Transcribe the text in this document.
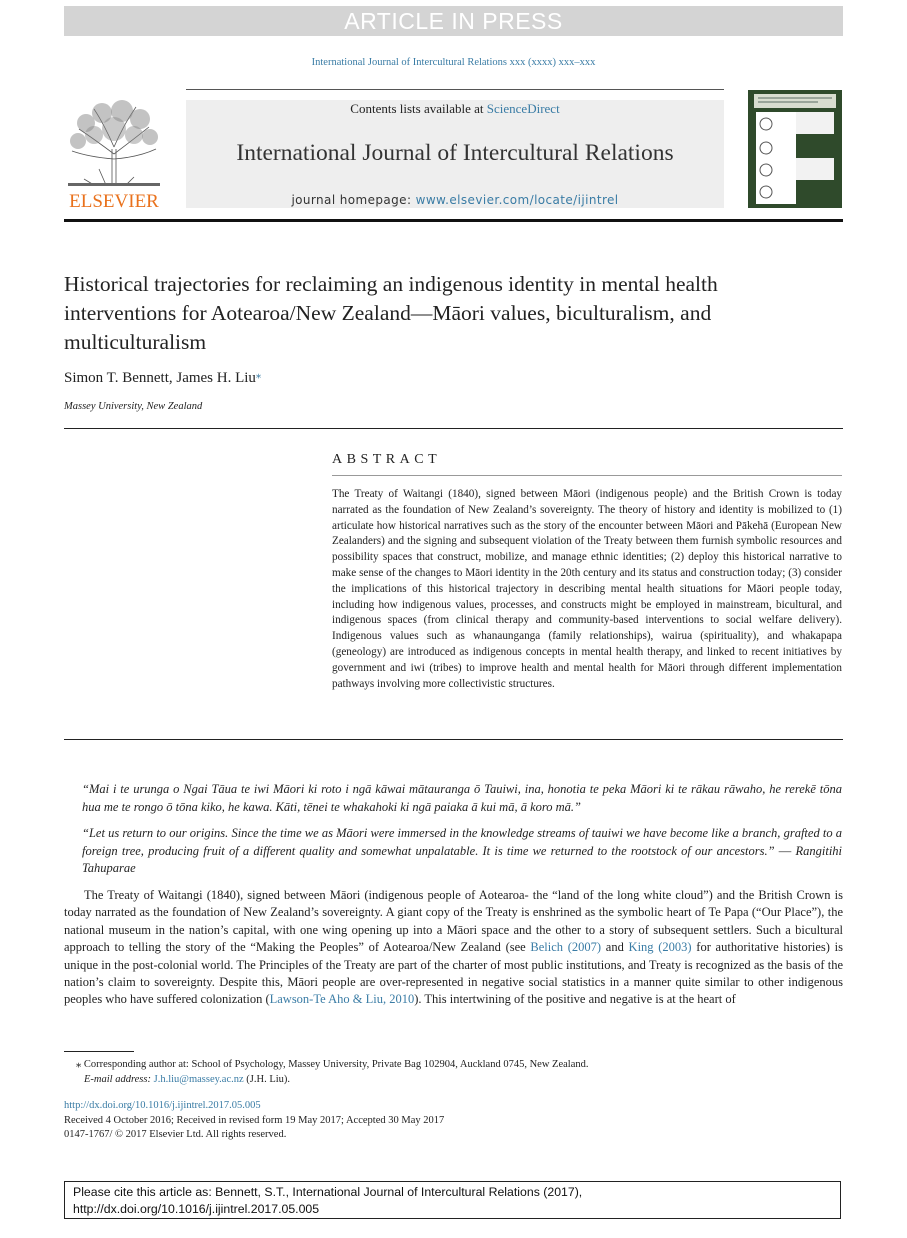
ARTICLE IN PRESS
International Journal of Intercultural Relations xxx (xxxx) xxx–xxx
ELSEVIER
Contents lists available at ScienceDirect
International Journal of Intercultural Relations
journal homepage: www.elsevier.com/locate/ijintrel
Historical trajectories for reclaiming an indigenous identity in mental health interventions for Aotearoa/New Zealand—Māori values, biculturalism, and multiculturalism
Simon T. Bennett, James H. Liu⁎
Massey University, New Zealand
ABSTRACT
The Treaty of Waitangi (1840), signed between Māori (indigenous people) and the British Crown is today narrated as the foundation of New Zealand’s sovereignty. The theory of history and identity is mobilized to (1) articulate how historical narratives such as the story of the encounter between Māori and Pākehā (European New Zealanders) and the signing and subsequent violation of the Treaty between them furnish symbolic resources and possibility spaces that construct, mobilize, and manage ethnic identities; (2) deploy this historical narrative to make sense of the changes to Māori identity in the 20th century and its status and construction today; (3) consider the implications of this historical trajectory in describing mental health situations for Māori people today, including how indigenous values, processes, and constructs might be employed in mainstream, bicultural, and indigenous spaces (from clinical therapy and community-based interventions to social welfare delivery). Indigenous values such as whanaunganga (family relationships), wairua (spirituality), and whakapapa (geneology) are introduced as indigenous concepts in mental health therapy, and linked to recent initiatives by government and iwi (tribes) to improve health and mental health for Māori through different implementation pathways involving more collectivistic structures.
“Mai i te urunga o Ngai Tāua te iwi Māori ki roto i ngā kāwai mātauranga ō Tauiwi, ina, honotia te peka Māori ki te rākau rāwaho, he rerekē tōna hua me te rongo ō tōna kiko, he kawa. Kāti, tēnei te whakahoki ki ngā paiaka ā kui mā, ā koro mā.”
“Let us return to our origins. Since the time we as Māori were immersed in the knowledge streams of tauiwi we have become like a branch, grafted to a foreign tree, producing fruit of a different quality and somewhat unpalatable. It is time we returned to the rootstock of our ancestors.” — Rangitihi Tahuparae
The Treaty of Waitangi (1840), signed between Māori (indigenous people of Aotearoa- the “land of the long white cloud”) and the British Crown is today narrated as the foundation of New Zealand’s sovereignty. A giant copy of the Treaty is enshrined as the symbolic heart of Te Papa (“Our Place”), the national museum in the nation’s capital, with one wing opening up into a Māori space and the other to a story of subsequent settlers. Such a bicultural approach to telling the story of the “Making the Peoples” of Aotearoa/New Zealand (see Belich (2007) and King (2003) for authoritative histories) is unique in the post-colonial world. The Principles of the Treaty are part of the charter of most public institutions, and Treaty is recognized as the basis of the nation’s claim to sovereignty. Despite this, Māori people are over-represented in negative social statistics in a manner quite similar to other indigenous peoples who have suffered colonization (Lawson-Te Aho & Liu, 2010). This intertwining of the positive and negative is at the heart of
⁎ Corresponding author at: School of Psychology, Massey University, Private Bag 102904, Auckland 0745, New Zealand.
E-mail address: J.h.liu@massey.ac.nz (J.H. Liu).
http://dx.doi.org/10.1016/j.ijintrel.2017.05.005
Received 4 October 2016; Received in revised form 19 May 2017; Accepted 30 May 2017
0147-1767/ © 2017 Elsevier Ltd. All rights reserved.
Please cite this article as: Bennett, S.T., International Journal of Intercultural Relations (2017),
http://dx.doi.org/10.1016/j.ijintrel.2017.05.005
